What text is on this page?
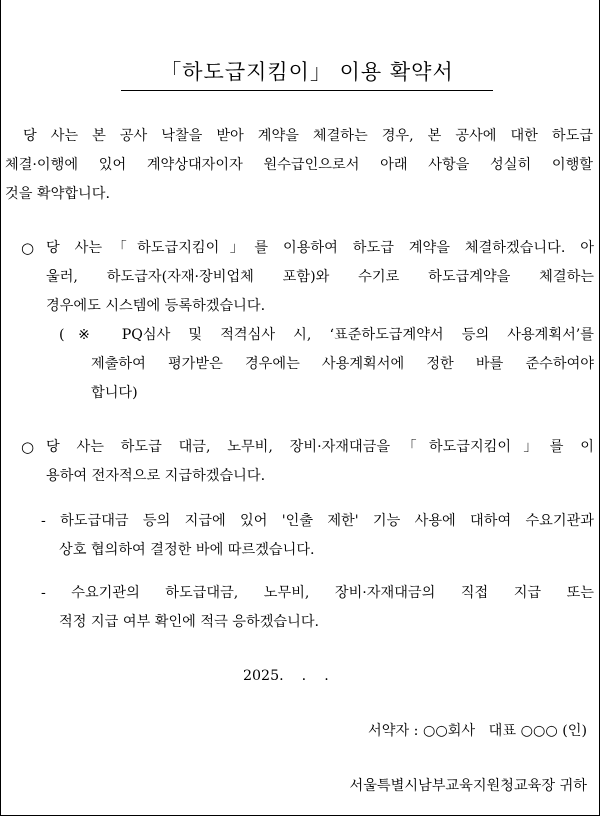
「하도급지킴이」 이용 확약서
당 사는 본 공사 낙찰을 받아 계약을 체결하는 경우, 본 공사에 대한 하도급
체결·이행에 있어 계약상대자이자 원수급인으로서 아래 사항을 성실히 이행할
것을 확약합니다.
○ 당 사는「하도급지킴이」를 이용하여 하도급 계약을 체결하겠습니다. 아
울러, 하도급자(자재·장비업체 포함)와 수기로 하도급계약을 체결하는
경우에도 시스템에 등록하겠습니다.
(※ PQ심사 및 적격심사 시, ‘표준하도급계약서 등의 사용계획서’를
제출하여 평가받은 경우에는 사용계획서에 정한 바를 준수하여야
합니다)
○ 당 사는 하도급 대금, 노무비, 장비·자재대금을「하도급지킴이」를 이
용하여 전자적으로 지급하겠습니다.
- 하도급대금 등의 지급에 있어 '인출 제한' 기능 사용에 대하여 수요기관과
상호 협의하여 결정한 바에 따르겠습니다.
- 수요기관의 하도급대금, 노무비, 장비·자재대금의 직접 지급 또는
적정 지급 여부 확인에 적극 응하겠습니다.
2025.    .    .
서약자 : ○○회사   대표 ○○○ (인)
서울특별시남부교육지원청교육장 귀하
